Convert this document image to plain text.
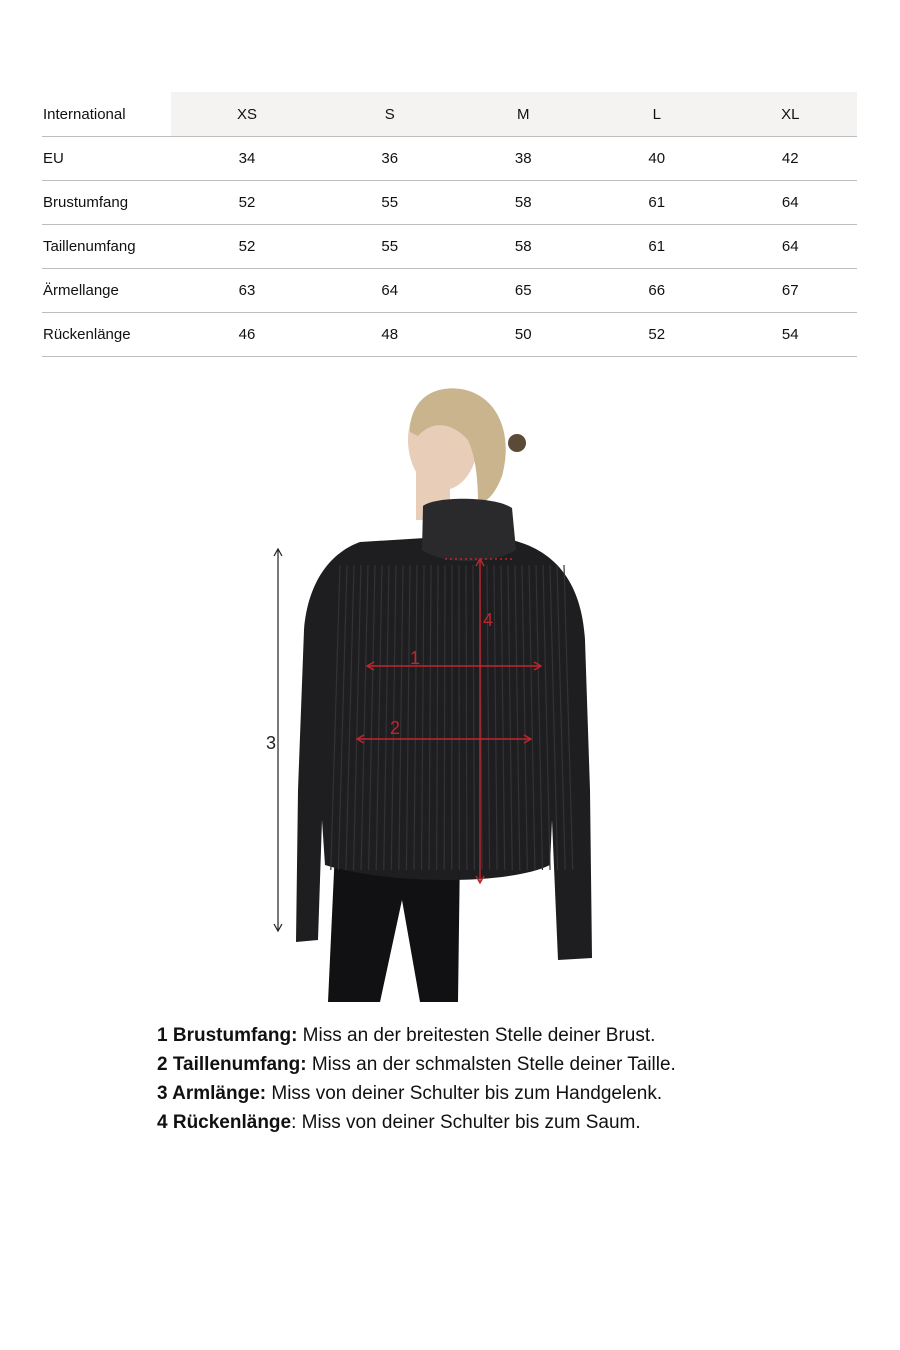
International	XS	S	M	L	XL
EU	34	36	38	40	42
Brustumfang	52	55	58	61	64
Taillenumfang	52	55	58	61	64
Ärmellange	63	64	65	66	67
Rückenlänge	46	48	50	52	54
3
1
2
4
1 Brustumfang: Miss an der breitesten Stelle deiner Brust.
2 Taillenumfang: Miss an der schmalsten Stelle deiner Taille.
3 Armlänge: Miss von deiner Schulter bis zum Handgelenk.
4 Rückenlänge: Miss von deiner Schulter bis zum Saum.
